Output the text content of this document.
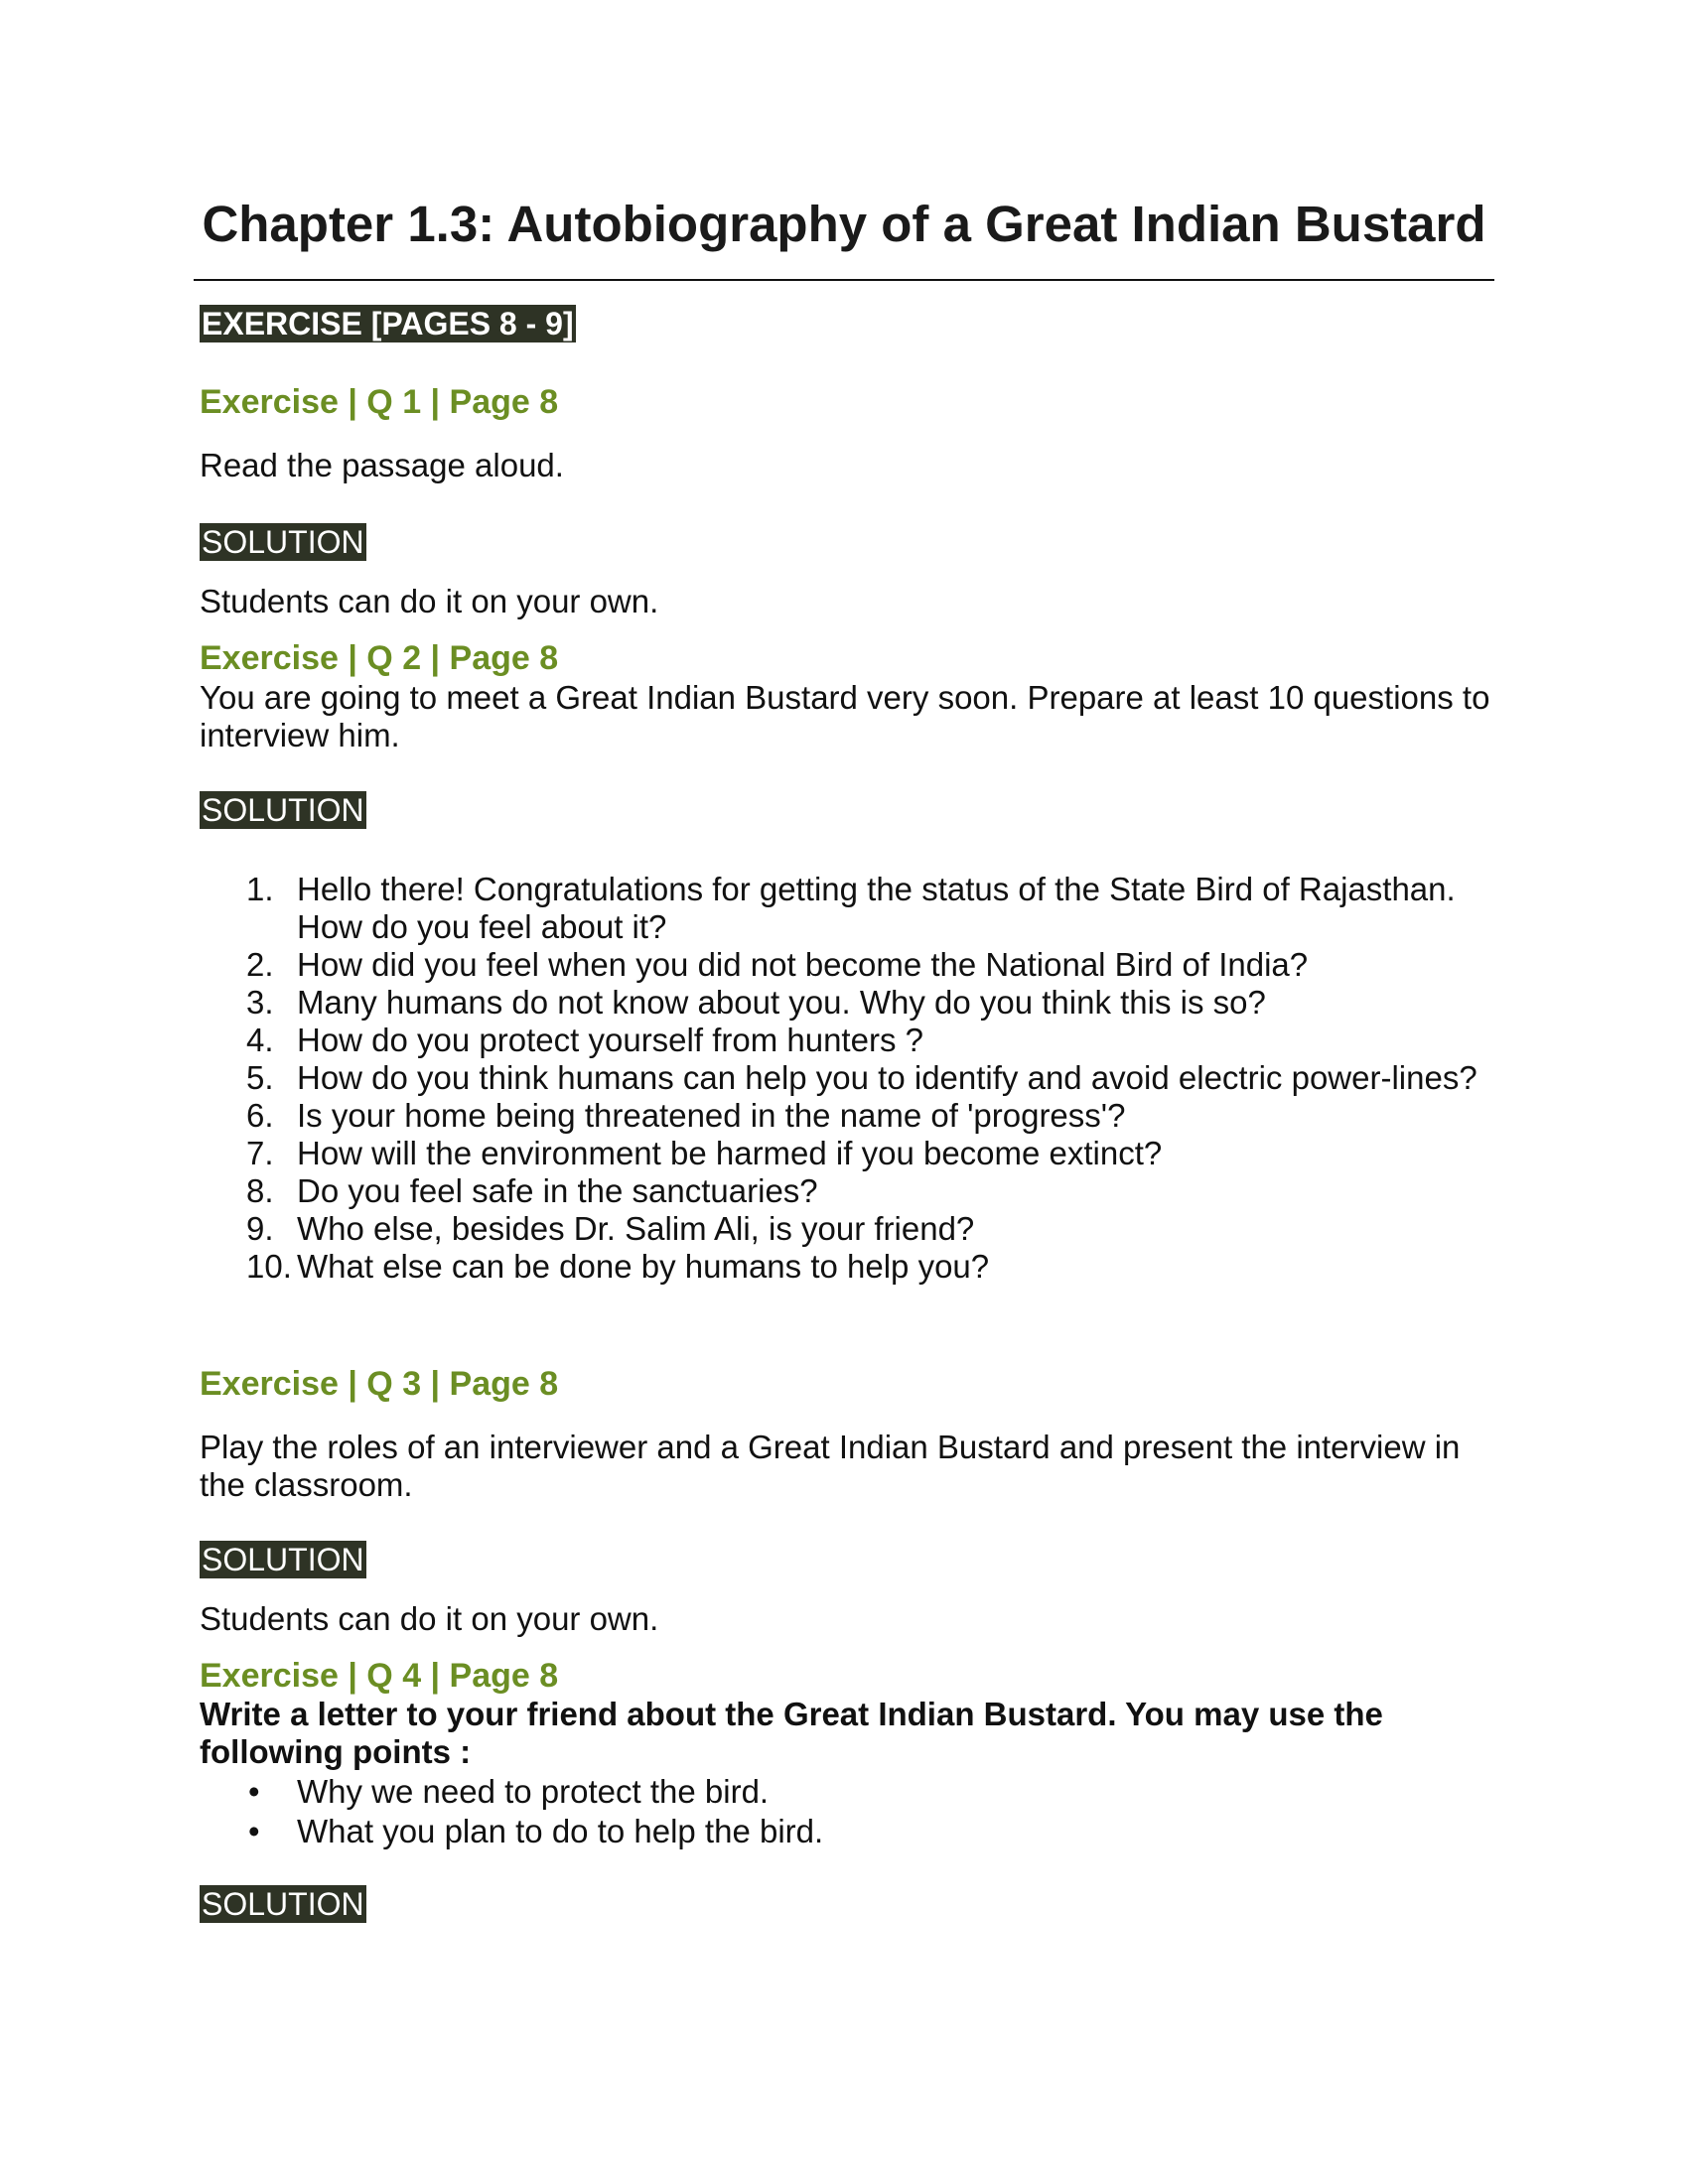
Chapter 1.3: Autobiography of a Great Indian Bustard
EXERCISE [PAGES 8 - 9]
Exercise | Q 1 | Page 8
Read the passage aloud.
SOLUTION
Students can do it on your own.
Exercise | Q 2 | Page 8
You are going to meet a Great Indian Bustard very soon. Prepare at least 10 questions to interview him.
SOLUTION
1. Hello there! Congratulations for getting the status of the State Bird of Rajasthan. How do you feel about it?
2. How did you feel when you did not become the National Bird of India?
3. Many humans do not know about you. Why do you think this is so?
4. How do you protect yourself from hunters ?
5. How do you think humans can help you to identify and avoid electric power-lines?
6. Is your home being threatened in the name of 'progress'?
7. How will the environment be harmed if you become extinct?
8. Do you feel safe in the sanctuaries?
9. Who else, besides Dr. Salim Ali, is your friend?
10. What else can be done by humans to help you?
Exercise | Q 3 | Page 8
Play the roles of an interviewer and a Great Indian Bustard and present the interview in the classroom.
SOLUTION
Students can do it on your own.
Exercise | Q 4 | Page 8
Write a letter to your friend about the Great Indian Bustard. You may use the following points :
• Why we need to protect the bird.
• What you plan to do to help the bird.
SOLUTION
